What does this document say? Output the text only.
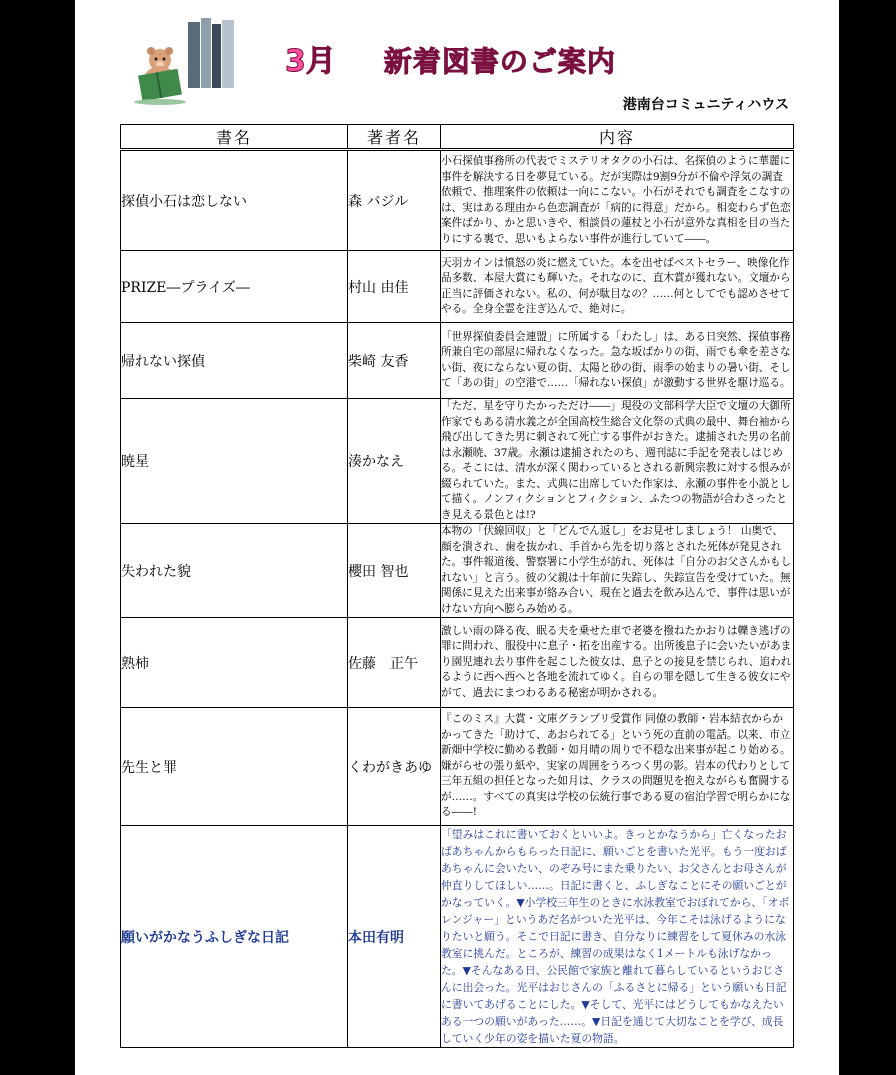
3月 新着図書のご案内
港南台コミュニティハウス
書名	著者名	内容
探偵小石は恋しない	森 バジル	小石探偵事務所の代表でミステリオタクの小石は、名探偵のように華麗に事件を解決する日を夢見ている。だが実際は9割9分が不倫や浮気の調査依頼で、推理案件の依頼は一向にこない。小石がそれでも調査をこなすのは、実はある理由から色恋調査が「病的に得意」だから。相変わらず色恋案件ばかり、かと思いきや、相談員の蓮杖と小石が意外な真相を目の当たりにする裏で、思いもよらない事件が進行していて――。
PRIZE―プライズ―	村山 由佳	天羽カインは憤怒の炎に燃えていた。本を出せばベストセラー、映像化作品多数、本屋大賞にも輝いた。それなのに、直木賞が獲れない。文壇から正当に評価されない。私の、何が駄目なの？……何としてでも認めさせてやる。全身全霊を注ぎ込んで、絶対に。
帰れない探偵	柴崎 友香	「世界探偵委員会連盟」に所属する「わたし」は、ある日突然、探偵事務所兼自宅の部屋に帰れなくなった。急な坂ばかりの街、雨でも傘を差さない街、夜にならない夏の街、太陽と砂の街、雨季の始まりの暑い街、そして「あの街」の空港で……「帰れない探偵」が激動する世界を駆け巡る。
暁星	湊かなえ	「ただ、星を守りたかっただけ――」現役の文部科学大臣で文壇の大御所作家でもある清水義之が全国高校生総合文化祭の式典の最中、舞台袖から飛び出してきた男に刺されて死亡する事件がおきた。逮捕された男の名前は永瀬暁、37歳。永瀬は逮捕されたのち、週刊誌に手記を発表しはじめる。そこには、清水が深く関わっているとされる新興宗教に対する恨みが綴られていた。また、式典に出席していた作家は、永瀬の事件を小説として描く。ノンフィクションとフィクション、ふたつの物語が合わさったとき見える景色とは!?
失われた貌	櫻田 智也	本物の「伏線回収」と「どんでん返し」をお見せしましょう！ 山奥で、顔を潰され、歯を抜かれ、手首から先を切り落とされた死体が発見された。事件報道後、警察署に小学生が訪れ、死体は「自分のお父さんかもしれない」と言う。彼の父親は十年前に失踪し、失踪宣告を受けていた。無関係に見えた出来事が絡み合い、現在と過去を飲み込んで、事件は思いがけない方向へ膨らみ始める。
熟柿	佐藤　正午	激しい雨の降る夜、眠る夫を乗せた車で老婆を撥ねたかおりは轢き逃げの罪に問われ、服役中に息子・拓を出産する。出所後息子に会いたいがあまり園児連れ去り事件を起こした彼女は、息子との接見を禁じられ、追われるように西へ西へと各地を流れてゆく。自らの罪を隠して生きる彼女にやがて、過去にまつわるある秘密が明かされる。
先生と罪	くわがきあゆ	『このミス』大賞・文庫グランプリ受賞作 同僚の教師・岩本結衣からかかってきた「助けて、あおられてる」という死の直前の電話。以来、市立新畑中学校に勤める教師・如月晴の周りで不穏な出来事が起こり始める。嫌がらせの張り紙や、実家の周囲をうろつく男の影。岩本の代わりとして三年五組の担任となった如月は、クラスの問題児を抱えながらも奮闘するが……。すべての真実は学校の伝統行事である夏の宿泊学習で明らかになる――!
願いがかなうふしぎな日記	本田有明	「望みはこれに書いておくといいよ。きっとかなうから」亡くなったおばあちゃんからもらった日記に、願いごとを書いた光平。もう一度おばあちゃんに会いたい、のぞみ号にまた乗りたい、お父さんとお母さんが仲直りしてほしい……。日記に書くと、ふしぎなことにその願いごとがかなっていく。▼小学校三年生のときに水泳教室でおぼれてから、「オボレンジャー」というあだ名がついた光平は、今年こそは泳げるようになりたいと願う。そこで日記に書き、自分なりに練習をして夏休みの水泳教室に挑んだ。ところが、練習の成果はなく1メートルも泳げなかった。▼そんなある日、公民館で家族と離れて暮らしているというおじさんに出会った。光平はおじさんの「ふるさとに帰る」という願いも日記に書いてあげることにした。▼そして、光平にはどうしてもかなえたいある一つの願いがあった……。▼日記を通じて大切なことを学び、成長していく少年の姿を描いた夏の物語。
